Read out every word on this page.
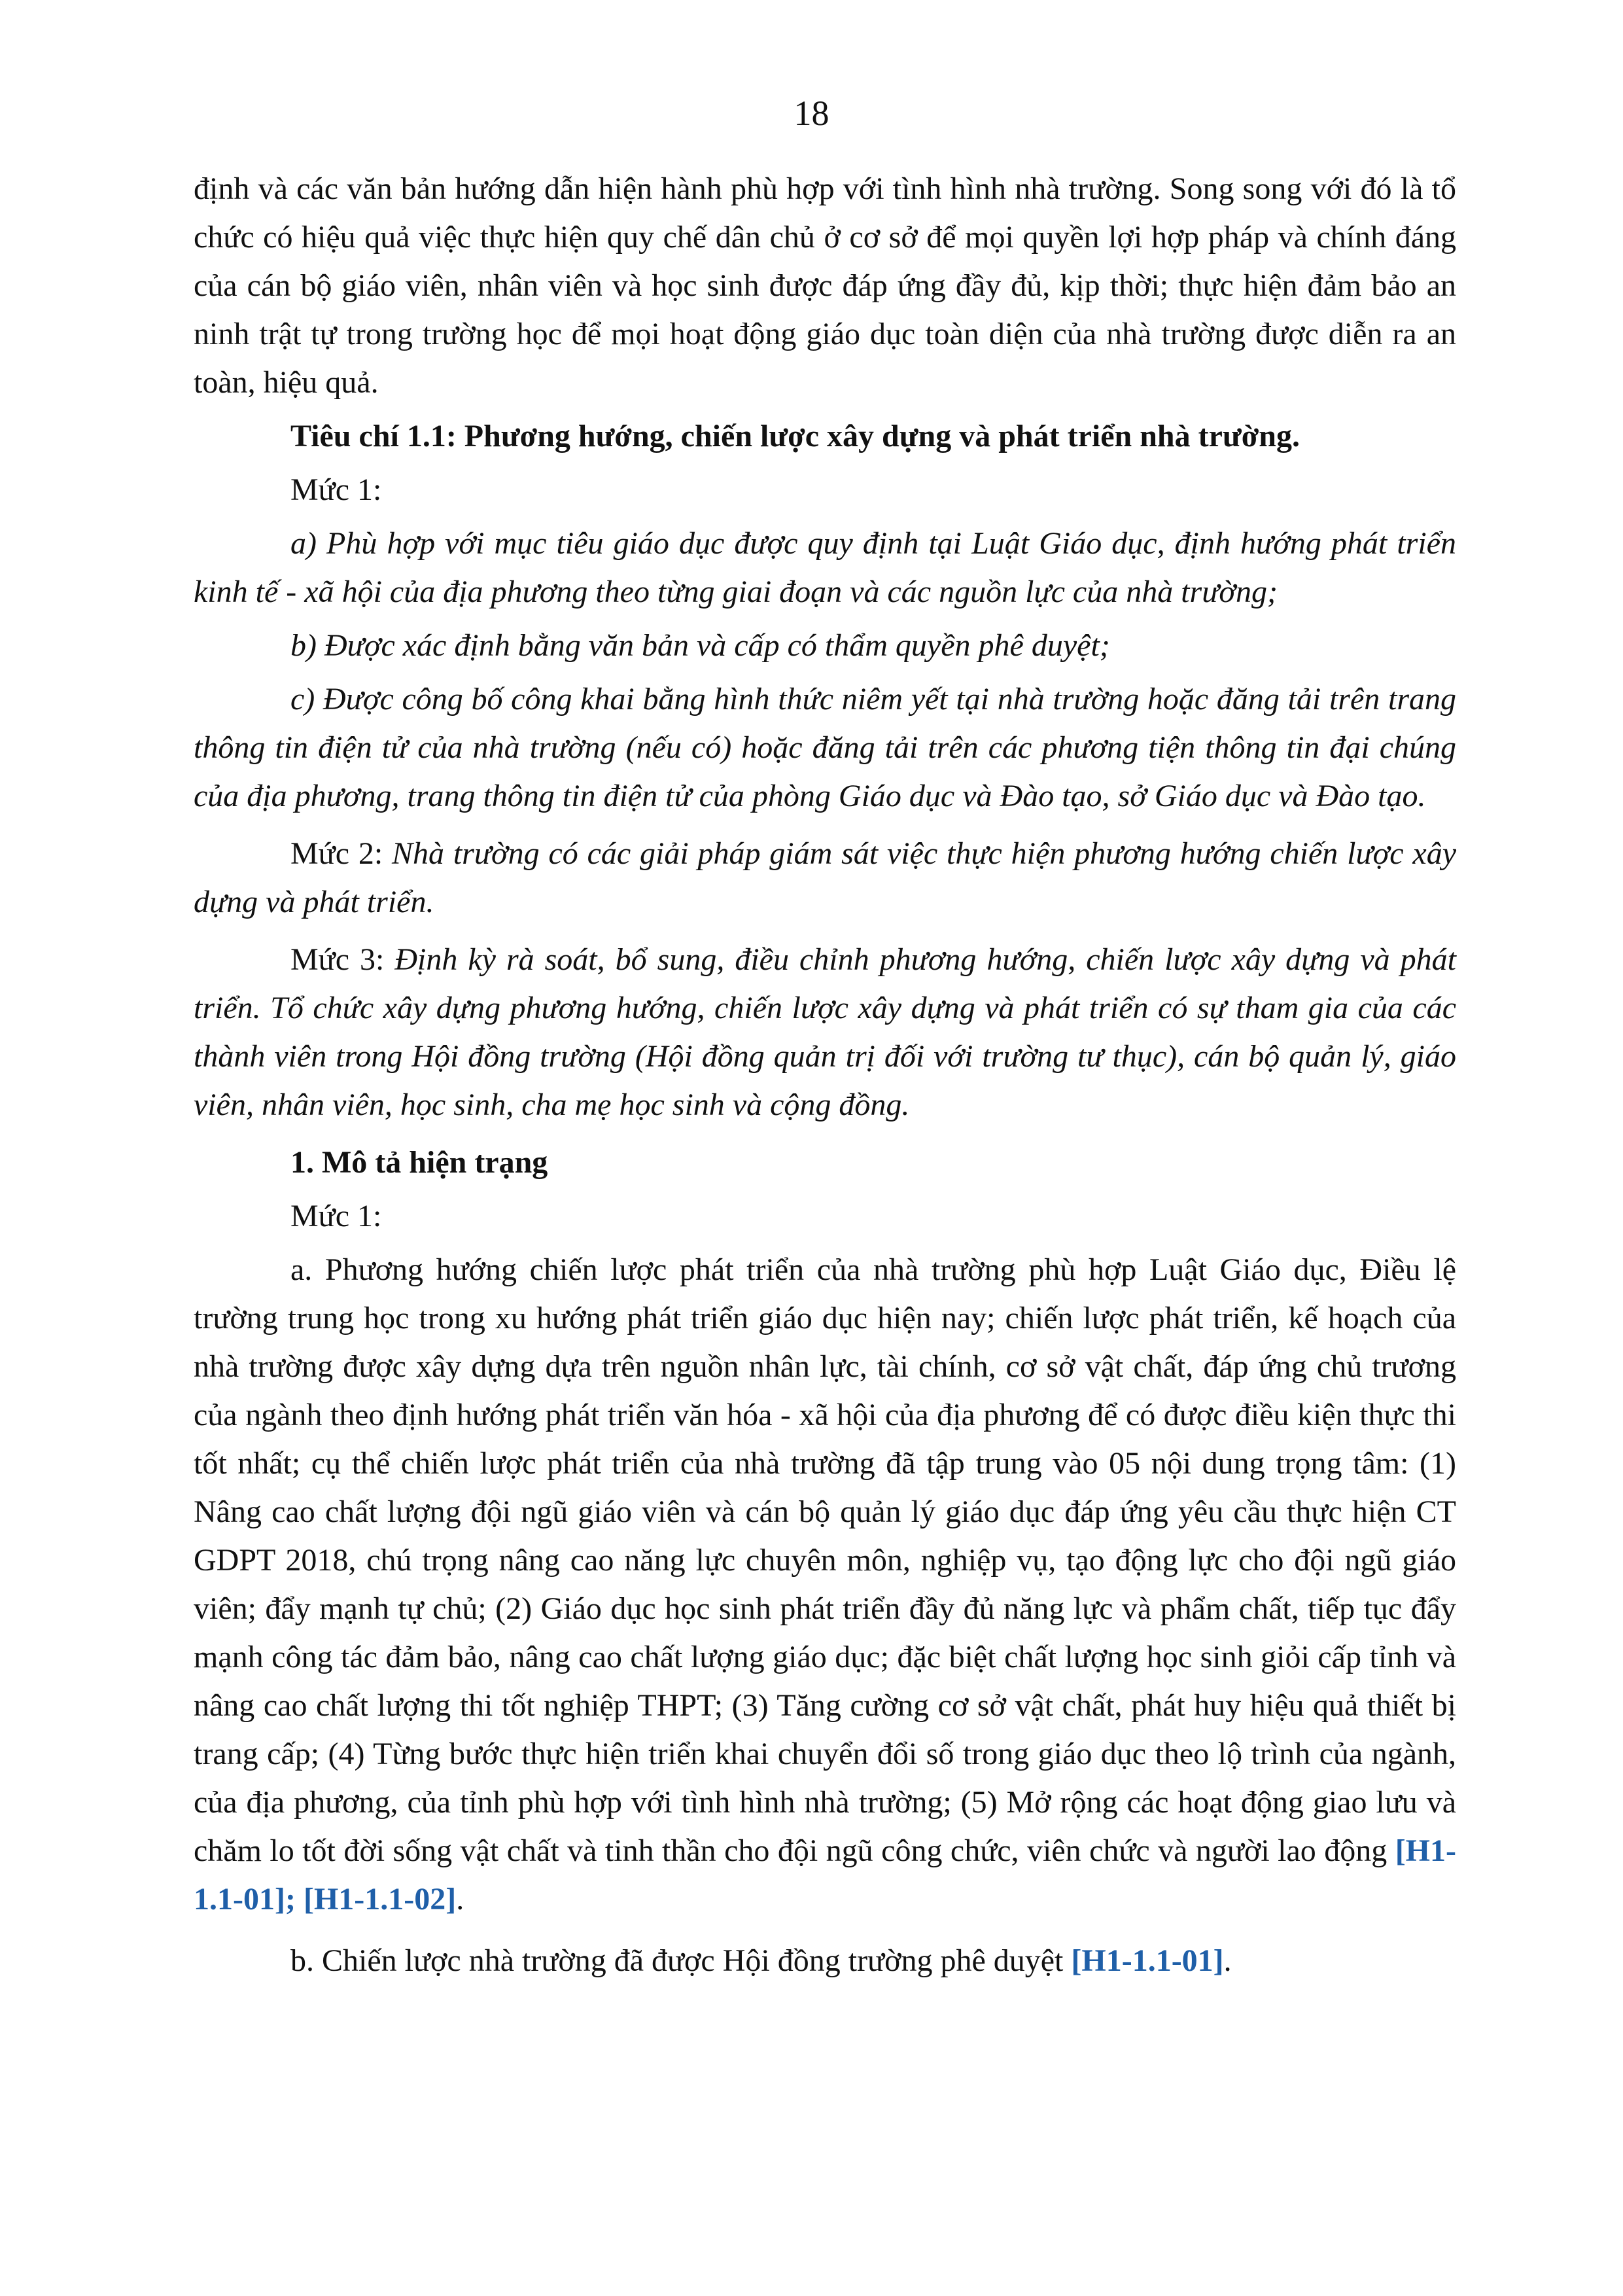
18

định và các văn bản hướng dẫn hiện hành phù hợp với tình hình nhà trường. Song song với đó là tổ chức có hiệu quả việc thực hiện quy chế dân chủ ở cơ sở để mọi quyền lợi hợp pháp và chính đáng của cán bộ giáo viên, nhân viên và học sinh được đáp ứng đầy đủ, kịp thời; thực hiện đảm bảo an ninh trật tự trong trường học để mọi hoạt động giáo dục toàn diện của nhà trường được diễn ra an toàn, hiệu quả.

Tiêu chí 1.1: Phương hướng, chiến lược xây dựng và phát triển nhà trường.

Mức 1:

a) Phù hợp với mục tiêu giáo dục được quy định tại Luật Giáo dục, định hướng phát triển kinh tế - xã hội của địa phương theo từng giai đoạn và các nguồn lực của nhà trường;

b) Được xác định bằng văn bản và cấp có thẩm quyền phê duyệt;

c) Được công bố công khai bằng hình thức niêm yết tại nhà trường hoặc đăng tải trên trang thông tin điện tử của nhà trường (nếu có) hoặc đăng tải trên các phương tiện thông tin đại chúng của địa phương, trang thông tin điện tử của phòng Giáo dục và Đào tạo, sở Giáo dục và Đào tạo.

Mức 2: Nhà trường có các giải pháp giám sát việc thực hiện phương hướng chiến lược xây dựng và phát triển.

Mức 3: Định kỳ rà soát, bổ sung, điều chỉnh phương hướng, chiến lược xây dựng và phát triển. Tổ chức xây dựng phương hướng, chiến lược xây dựng và phát triển có sự tham gia của các thành viên trong Hội đồng trường (Hội đồng quản trị đối với trường tư thục), cán bộ quản lý, giáo viên, nhân viên, học sinh, cha mẹ học sinh và cộng đồng.

1. Mô tả hiện trạng

Mức 1:

a. Phương hướng chiến lược phát triển của nhà trường phù hợp Luật Giáo dục, Điều lệ trường trung học trong xu hướng phát triển giáo dục hiện nay; chiến lược phát triển, kế hoạch của nhà trường được xây dựng dựa trên nguồn nhân lực, tài chính, cơ sở vật chất, đáp ứng chủ trương của ngành theo định hướng phát triển văn hóa - xã hội của địa phương để có được điều kiện thực thi tốt nhất; cụ thể chiến lược phát triển của nhà trường đã tập trung vào 05 nội dung trọng tâm: (1) Nâng cao chất lượng đội ngũ giáo viên và cán bộ quản lý giáo dục đáp ứng yêu cầu thực hiện CT GDPT 2018, chú trọng nâng cao năng lực chuyên môn, nghiệp vụ, tạo động lực cho đội ngũ giáo viên; đẩy mạnh tự chủ; (2) Giáo dục học sinh phát triển đầy đủ năng lực và phẩm chất, tiếp tục đẩy mạnh công tác đảm bảo, nâng cao chất lượng giáo dục; đặc biệt chất lượng học sinh giỏi cấp tỉnh và nâng cao chất lượng thi tốt nghiệp THPT; (3) Tăng cường cơ sở vật chất, phát huy hiệu quả thiết bị trang cấp; (4) Từng bước thực hiện triển khai chuyển đổi số trong giáo dục theo lộ trình của ngành, của địa phương, của tỉnh phù hợp với tình hình nhà trường; (5) Mở rộng các hoạt động giao lưu và chăm lo tốt đời sống vật chất và tinh thần cho đội ngũ công chức, viên chức và người lao động [H1-1.1-01]; [H1-1.1-02].

b. Chiến lược nhà trường đã được Hội đồng trường phê duyệt [H1-1.1-01].
